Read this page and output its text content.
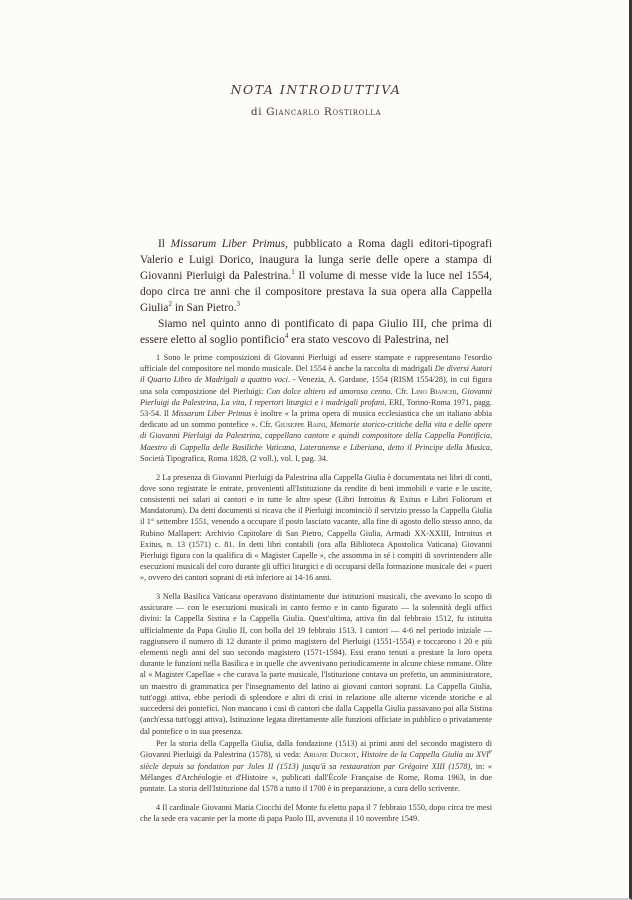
NOTA INTRODUTTIVA
di Giancarlo Rostirolla

Il Missarum Liber Primus, pubblicato a Roma dagli editori-tipografi Valerio e Luigi Dorico, inaugura la lunga serie delle opere a stampa di Giovanni Pierluigi da Palestrina.$^1$ Il volume di messe vide la luce nel 1554, dopo circa tre anni che il compositore prestava la sua opera alla Cappella Giulia$^2$ in San Pietro.$^3$

Siamo nel quinto anno di pontificato di papa Giulio III, che prima di essere eletto al soglio pontificio$^4$ era stato vescovo di Palestrina, nel

1 Sono le prime composizioni di Giovanni Pierluigi ad essere stampate e rappresentano l'esordio ufficiale del compositore nel mondo musicale. Del 1554 è anche la raccolta di madrigali De diversi Autori il Quarto Libro de Madrigali a quattro voci. - Venezia, A. Gardane, 1554 (RISM 1554/28), in cui figura una sola composizione del Pierluigi: Con dolce altiero ed amoroso cenno. Cfr. Lino Bianchi, Giovanni Pierluigi da Palestrina, La vita, I repertori liturgici e i madrigali profani, ERI, Torino-Roma 1971, pagg. 53-54. Il Missarum Liber Primus è inoltre « la prima opera di musica ecclesiastica che un italiano abbia dedicato ad un sommo pontefice ». Cfr. Giuseppe Baini, Memorie storico-critiche della vita e delle opere di Giovanni Pierluigi da Palestrina, cappellano cantore e quindi compositore della Cappella Pontificia, Maestro di Cappella delle Basiliche Vaticana, Lateranense e Liberiana, detto il Principe della Musica, Società Tipografica, Roma 1828, (2 voll.), vol. I, pag. 34.

2 La presenza di Giovanni Pierluigi da Palestrina alla Cappella Giulia è documentata nei libri di conti, dove sono registrate le entrate, provenienti all'Istituzione da rendite di beni immobili e varie e le uscite, consistenti nei salari ai cantori e in tutte le altre spese (Libri Introitus & Exitus e Libri Foliorum et Mandatorum). Da detti documenti si ricava che il Pierluigi incominciò il servizio presso la Cappella Giulia il 1° settembre 1551, venendo a occupare il posto lasciato vacante, alla fine di agosto dello stesso anno, da Rubino Mallapert: Archivio Capitolare di San Pietro, Cappella Giulia, Armadi XX-XXIII, Introitus et Exitus, n. 13 (1571) c. 81. In detti libri contabili (ora alla Biblioteca Apostolica Vaticana) Giovanni Pierluigi figura con la qualifica di « Magister Capelle », che assomma in sé i compiti di sovrintendere alle esecuzioni musicali del coro durante gli uffici liturgici e di occuparsi della formazione musicale dei « pueri », ovvero dei cantori soprani di età inferiore ai 14-16 anni.

3 Nella Basilica Vaticana operavano distintamente due istituzioni musicali, che avevano lo scopo di assicurare — con le esecuzioni musicali in canto fermo e in canto figurato — la solennità degli uffici divini: la Cappella Sistina e la Cappella Giulia. Quest'ultima, attiva fin dal febbraio 1512, fu istituita ufficialmente da Papa Giulio II, con bolla del 19 febbraio 1513. I cantori — 4-6 nel periodo iniziale — raggiunsero il numero di 12 durante il primo magistero del Pierluigi (1551-1554) e toccarono i 20 e più elementi negli anni del suo secondo magistero (1571-1594). Essi erano tenuti a prestare la loro opera durante le funzioni nella Basilica e in quelle che avvenivano periodicamente in alcune chiese romane. Oltre al « Magister Capellae » che curava la parte musicale, l'Istituzione contava un prefetto, un amministratore, un maestro di grammatica per l'insegnamento del latino ai giovani cantori soprani. La Cappella Giulia, tutt'oggi attiva, ebbe periodi di splendore e altri di crisi in relazione alle alterne vicende storiche e al succedersi dei pontefici. Non mancano i casi di cantori che dalla Cappella Giulia passavano poi alla Sistina (anch'essa tutt'oggi attiva), Istituzione legata direttamente alle funzioni officiate in pubblico o privatamente dal pontefice o in sua presenza.

Per la storia della Cappella Giulia, dalla fondazione (1513) ai primi anni del secondo magistero di Giovanni Pierluigi da Palestrina (1578), si veda: Ariane Ducrot, Histoire de la Cappella Giulia au XVIe siècle depuis sa fondation par Jules II (1513) jusqu'à sa restauration par Grégoire XIII (1578), in: « Mélanges d'Archéologie et d'Histoire », publicati dall'École Française de Rome, Roma 1963, in due puntate. La storia dell'Istituzione dal 1578 a tutto il 1700 è in preparazione, a cura dello scrivente.

4 Il cardinale Giovanni Maria Ciocchi del Monte fu eletto papa il 7 febbraio 1550, dopo circa tre mesi che la sede era vacante per la morte di papa Paolo III, avvenuta il 10 novembre 1549.
